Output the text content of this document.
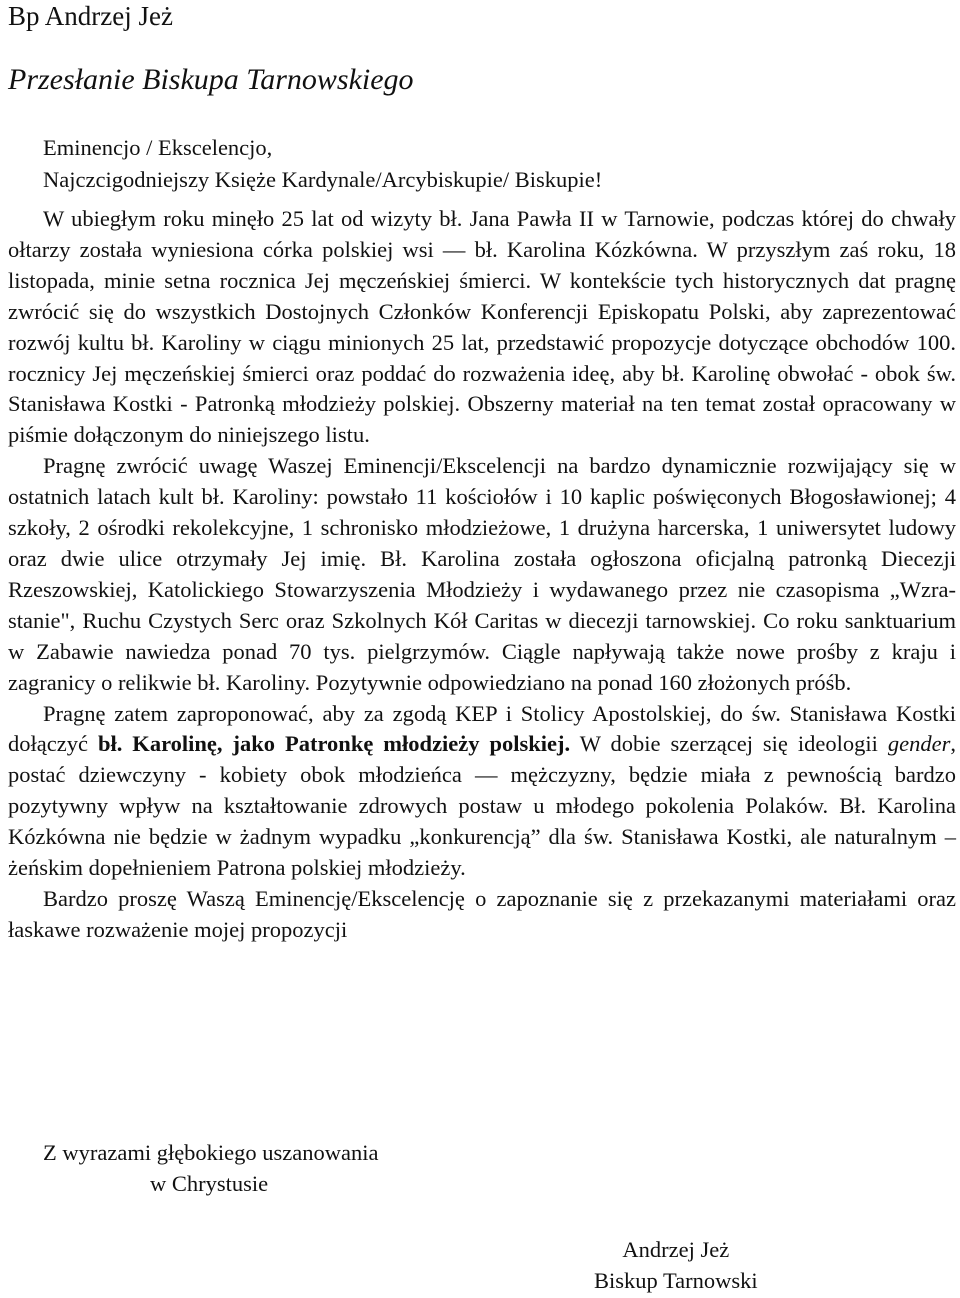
Bp Andrzej Jeż
Przesłanie Biskupa Tarnowskiego
Eminencjo / Ekscelencjo,
Najczcigodniejszy Księże Kardynale/Arcybiskupie/ Biskupie!

W ubiegłym roku minęło 25 lat od wizyty bł. Jana Pawła II w Tarnowie, podczas której do chwały ołtarzy została wyniesiona córka polskiej wsi — bł. Karolina Kózkówna. W przyszłym zaś roku, 18 listopada, minie setna rocznica Jej męczeńskiej śmierci. W kontekście tych historycznych dat pragnę zwrócić się do wszystkich Dostojnych Członków Konferencji Episkopatu Polski, aby zaprezentować rozwój kultu bł. Karoliny w ciągu minionych 25 lat, przedstawić propozycje dotyczące obchodów 100. rocznicy Jej męczeńskiej śmierci oraz poddać do rozważenia ideę, aby bł. Karolinę obwołać - obok św. Stanisława Kostki - Patronką młodzieży polskiej. Obszerny materiał na ten temat został opracowany w piśmie dołączonym do niniejszego listu.

Pragnę zwrócić uwagę Waszej Eminencji/Ekscelencji na bardzo dynamicznie rozwijający się w ostatnich latach kult bł. Karoliny: powstało 11 kościołów i 10 kaplic poświęconych Błogosławionej; 4 szkoły, 2 ośrodki rekolekcyjne, 1 schronisko młodzieżowe, 1 drużyna harcerska, 1 uniwersytet ludowy oraz dwie ulice otrzymały Jej imię. Bł. Karolina została ogłoszona oficjalną patronką Diecezji Rzeszowskiej, Katolickiego Stowarzyszenia Młodzieży i wydawanego przez nie czasopisma „Wzrastanie", Ruchu Czystych Serc oraz Szkolnych Kół Caritas w diecezji tarnowskiej. Co roku sanktuarium w Zabawie nawiedza ponad 70 tys. pielgrzymów. Ciągle napływają także nowe prośby z kraju i zagranicy o relikwie bł. Karoliny. Pozytywnie odpowiedziano na ponad 160 złożonych próśb.

Pragnę zatem zaproponować, aby za zgodą KEP i Stolicy Apostolskiej, do św. Stanisława Kostki dołączyć bł. Karolinę, jako Patronkę młodzieży polskiej. W dobie szerzącej się ideologii gender, postać dziewczyny - kobiety obok młodzieńca — mężczyzny, będzie miała z pewnością bardzo pozytywny wpływ na kształtowanie zdrowych postaw u młodego pokolenia Polaków. Bł. Karolina Kózkówna nie będzie w żadnym wypadku „konkurencją” dla św. Stanisława Kostki, ale naturalnym – żeńskim dopełnieniem Patrona polskiej młodzieży.

Bardzo proszę Waszą Eminencję/Ekscelencję o zapoznanie się z przekazanymi materiałami oraz łaskawe rozważenie mojej propozycji

Z wyrazami głębokiego uszanowania
w Chrystusie
Andrzej Jeż
Biskup Tarnowski
